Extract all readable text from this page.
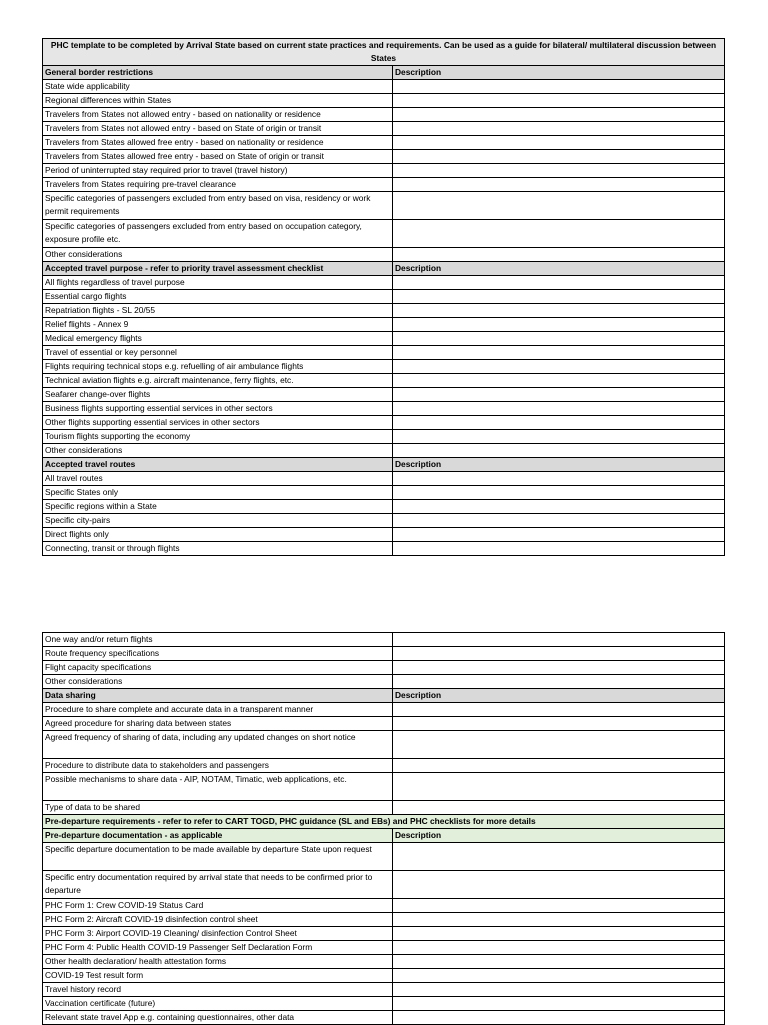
PHC template to be completed by Arrival State based on current state practices and requirements. Can be used as a guide for bilateral/ multilateral discussion between States	
General border restrictions	Description
State wide applicability	
Regional differences within States	
Travelers from States not allowed entry - based on nationality or residence	
Travelers from States not allowed entry - based on State of origin or transit	
Travelers from States allowed free entry - based on nationality or residence	
Travelers from States allowed free entry - based on State of origin or transit	
Period of uninterrupted stay required prior to travel (travel history)	
Travelers from States requiring pre-travel clearance	
Specific categories of passengers excluded from entry based on visa, residency or work permit requirements	
Specific categories of passengers excluded from entry based on occupation category, exposure profile etc.	
Other considerations	
Accepted travel purpose - refer to priority travel assessment checklist	Description
All flights regardless of travel purpose	
Essential cargo flights	
Repatriation flights - SL 20/55	
Relief flights - Annex 9	
Medical emergency flights	
Travel of essential or key personnel	
Flights requiring technical stops e.g. refuelling of air ambulance flights	
Technical aviation flights e.g. aircraft maintenance, ferry flights, etc.	
Seafarer change-over flights	
Business flights supporting essential services in other sectors	
Other flights supporting essential services in other sectors	
Tourism flights supporting the economy	
Other considerations	
Accepted travel routes	Description
All travel routes	
Specific States only	
Specific regions within a State	
Specific city-pairs	
Direct flights only	
Connecting, transit or through flights	
One way and/or return flights	
Route frequency specifications	
Flight capacity specifications	
Other considerations	
Data sharing	Description
Procedure to share complete and accurate data in a transparent manner	
Agreed procedure for sharing data between states	
Agreed frequency of sharing of data, including any updated changes on short notice	
Procedure to distribute data to stakeholders and passengers	
Possible mechanisms to share data - AIP, NOTAM, Timatic, web applications, etc.	
Type of data to be shared	
Pre-departure requirements - refer to refer to CART TOGD, PHC guidance (SL and EBs) and PHC checklists for more details	
Pre-departure documentation - as applicable	Description
Specific departure documentation to be made available by departure State upon request	
Specific entry documentation required by arrival state that needs to be confirmed prior to departure	
PHC Form 1: Crew COVID-19 Status Card	
PHC Form 2: Aircraft COVID-19 disinfection control sheet	
PHC Form 3: Airport COVID-19 Cleaning/ disinfection Control Sheet	
PHC Form 4: Public Health COVID-19 Passenger Self Declaration Form	
Other health declaration/ health attestation forms	
COVID-19 Test result form	
Travel history record	
Vaccination certificate (future)	
Relevant state travel App e.g. containing questionnaires, other data	
